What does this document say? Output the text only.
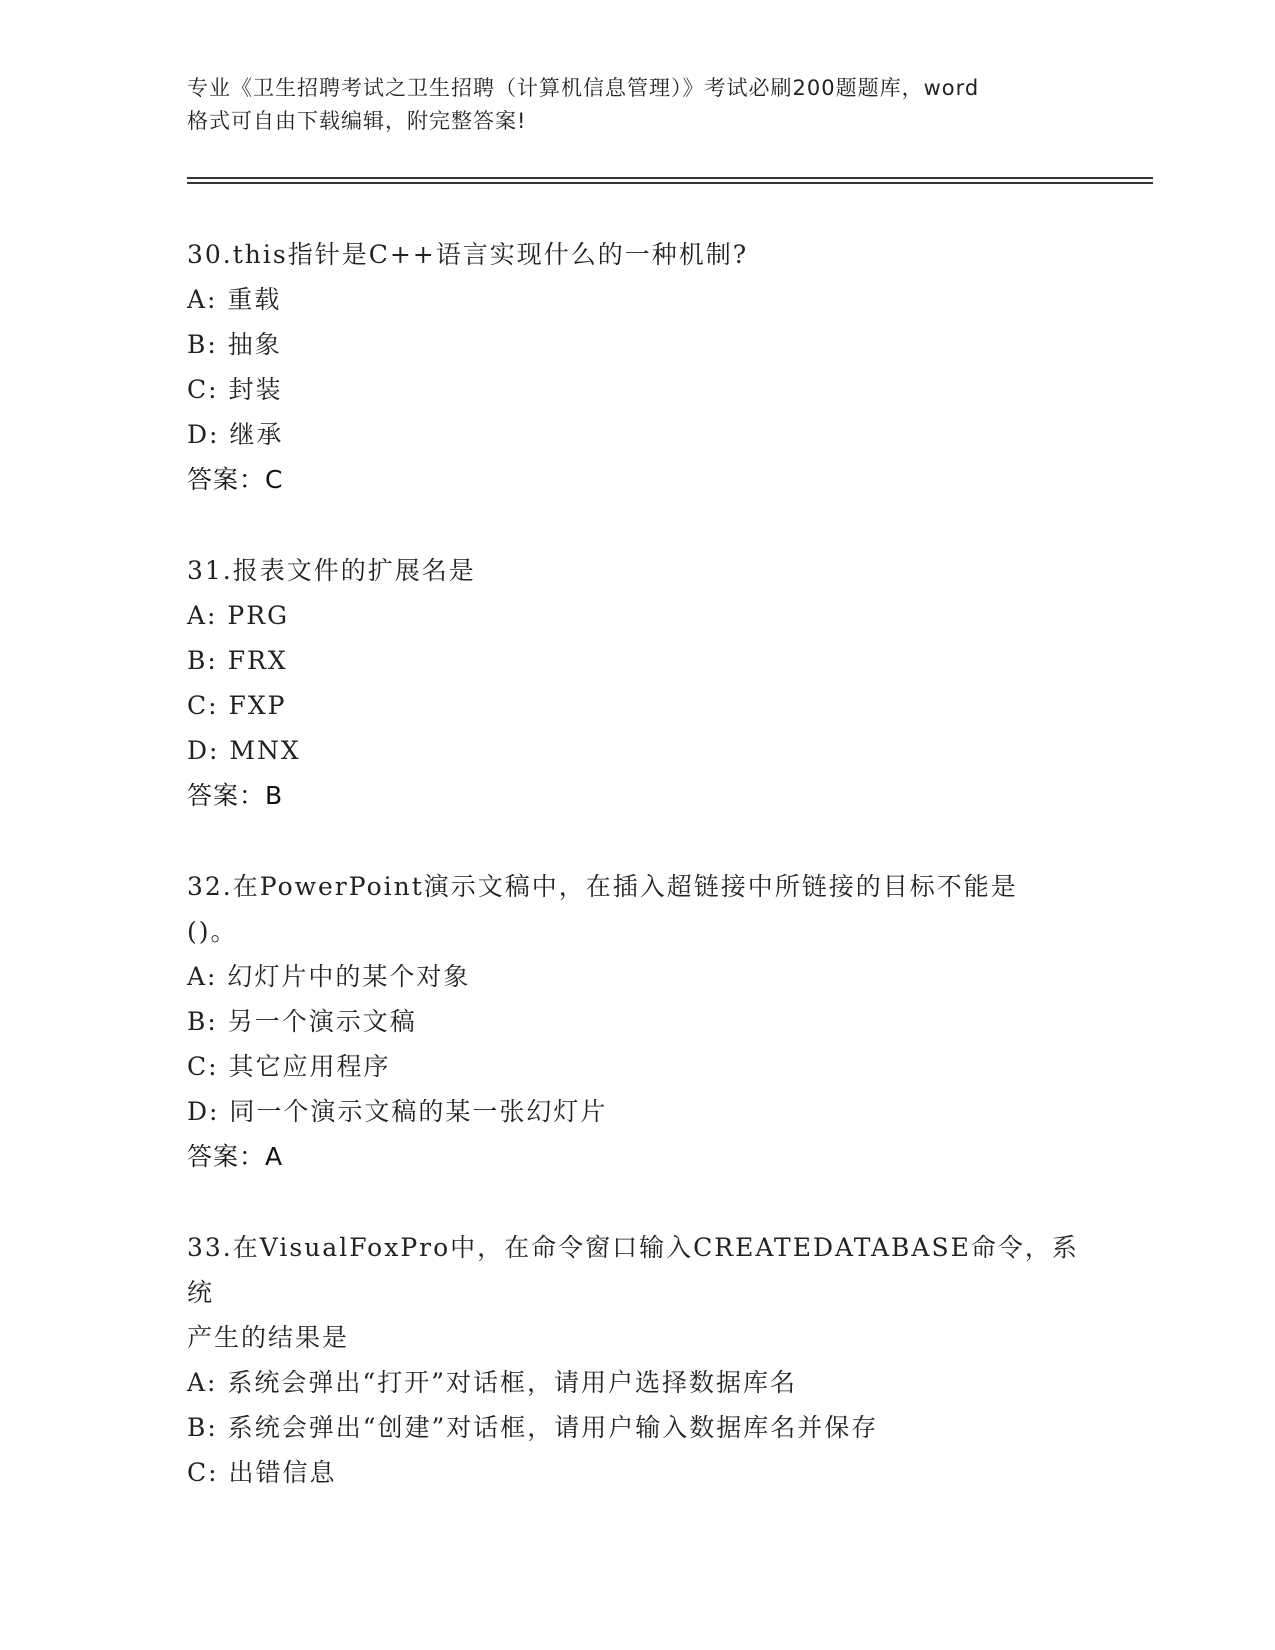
专业《卫生招聘考试之卫生招聘（计算机信息管理）》考试必刷200题题库，word
格式可自由下载编辑，附完整答案!
30.this指针是C++语言实现什么的一种机制?
A: 重载
B: 抽象
C: 封装
D: 继承
答案：C
31.报表文件的扩展名是
A: PRG
B: FRX
C: FXP
D: MNX
答案：B
32.在PowerPoint演示文稿中，在插入超链接中所链接的目标不能是
()。
A: 幻灯片中的某个对象
B: 另一个演示文稿
C: 其它应用程序
D: 同一个演示文稿的某一张幻灯片
答案：A
33.在VisualFoxPro中，在命令窗口输入CREATEDATABASE命令，系统
产生的结果是
A: 系统会弹出“打开”对话框，请用户选择数据库名
B: 系统会弹出“创建”对话框，请用户输入数据库名并保存
C: 出错信息
